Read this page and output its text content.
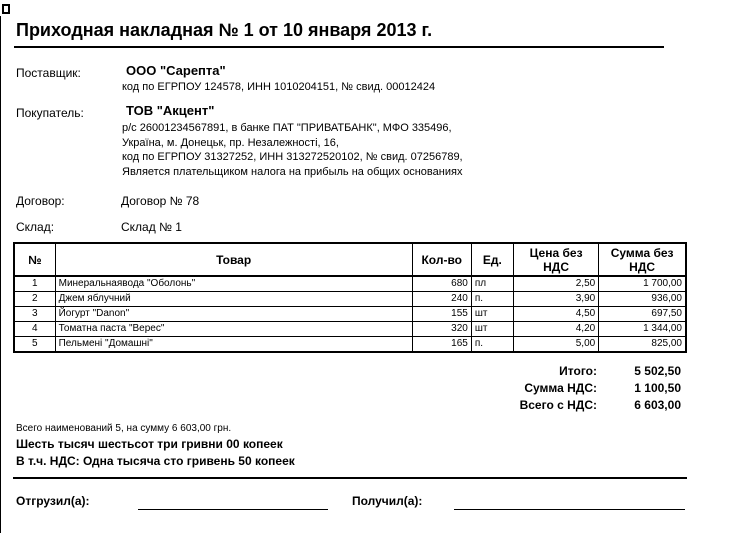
Приходная накладная № 1 от 10 января 2013 г.
Поставщик:	ООО "Сарепта"
код по ЕГРПОУ 124578, ИНН 1010204151, № свид. 00012424
Покупатель:	ТОВ "Акцент"
р/с 26001234567891, в банке ПАТ "ПРИВАТБАНК", МФО 335496,
Україна, м. Донецьк, пр. Незалежності, 16,
код по ЕГРПОУ 31327252, ИНН 313272520102, № свид. 07256789,
Является плательщиком налога на прибыль на общих основаниях
Договор:	Договор № 78
Склад:	Склад № 1
№	Товар	Кол-во	Ед.	Цена без НДС	Сумма без НДС
1	Минеральнаявода "Оболонь"	680	пл	2,50	1 700,00
2	Джем яблучний	240	п.	3,90	936,00
3	Йогурт "Danon"	155	шт	4,50	697,50
4	Томатна паста "Верес"	320	шт	4,20	1 344,00
5	Пельмені "Домашні"	165	п.	5,00	825,00
Итого:	5 502,50
Сумма НДС:	1 100,50
Всего с НДС:	6 603,00
Всего наименований 5, на сумму 6 603,00 грн.
Шесть тысяч шестьсот три гривни 00 копеек
В т.ч. НДС: Одна тысяча сто гривень 50 копеек
Отгрузил(а):	Получил(а):
